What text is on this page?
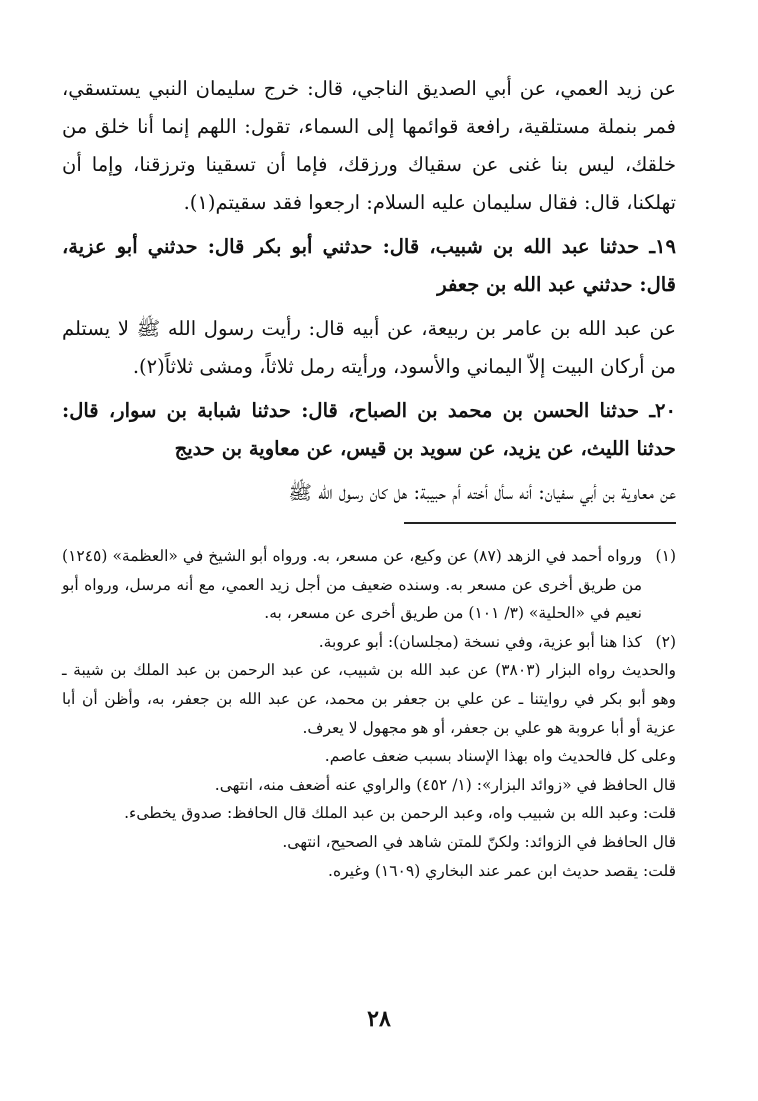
عن زيد العمي، عن أبي الصديق الناجي، قال: خرج سليمان النبي يستسقي، فمر بنملة مستلقية، رافعة قوائمها إلى السماء، تقول: اللهم إنما أنا خلق من خلقك، ليس بنا غنى عن سقياك ورزقك، فإما أن تسقينا وترزقنا، وإما أن تهلكنا، قال: فقال سليمان عليه السلام: ارجعوا فقد سقيتم(١).

١٩ـ حدثنا عبد الله بن شبيب، قال: حدثني أبو بكر قال: حدثني أبو عزية، قال: حدثني عبد الله بن جعفر

عن عبد الله بن عامر بن ربيعة، عن أبيه قال: رأيت رسول الله ﷺ لا يستلم من أركان البيت إلاّ اليماني والأسود، ورأيته رمل ثلاثاً، ومشى ثلاثاً(٢).

٢٠ـ حدثنا الحسن بن محمد بن الصباح، قال: حدثنا شبابة بن سوار، قال: حدثنا الليث، عن يزيد، عن سويد بن قيس، عن معاوية بن حديج

عن معاوية بن أبي سفيان: أنه سأل أخته أم حبيبة: هل كان رسول الله ﷺ

(١)
ورواه أحمد في الزهد (٨٧) عن وكيع، عن مسعر، به. ورواه أبو الشيخ في «العظمة» (١٢٤٥) من طريق أخرى عن مسعر به. وسنده ضعيف من أجل زيد العمي، مع أنه مرسل، ورواه أبو نعيم في «الحلية» (٣/ ١٠١) من طريق أخرى عن مسعر، به.
(٢)
كذا هنا أبو عزية، وفي نسخة (مجلسان): أبو عروبة.
والحديث رواه البزار (٣٨٠٣) عن عبد الله بن شبيب، عن عبد الرحمن بن عبد الملك بن شيبة ـ وهو أبو بكر في روايتنا ـ عن علي بن جعفر بن محمد، عن عبد الله بن جعفر، به، وأظن أن أبا عزية أو أبا عروبة هو علي بن جعفر، أو هو مجهول لا يعرف.
وعلى كل فالحديث واه بهذا الإسناد بسبب ضعف عاصم.
قال الحافظ في «زوائد البزار»: (١/ ٤٥٢) والراوي عنه أضعف منه، انتهى.
قلت: وعبد الله بن شبيب واه، وعبد الرحمن بن عبد الملك قال الحافظ: صدوق يخطىء.
قال الحافظ في الزوائد: ولكنّ للمتن شاهد في الصحيح، انتهى.
قلت: يقصد حديث ابن عمر عند البخاري (١٦٠٩) وغيره.
٢٨
